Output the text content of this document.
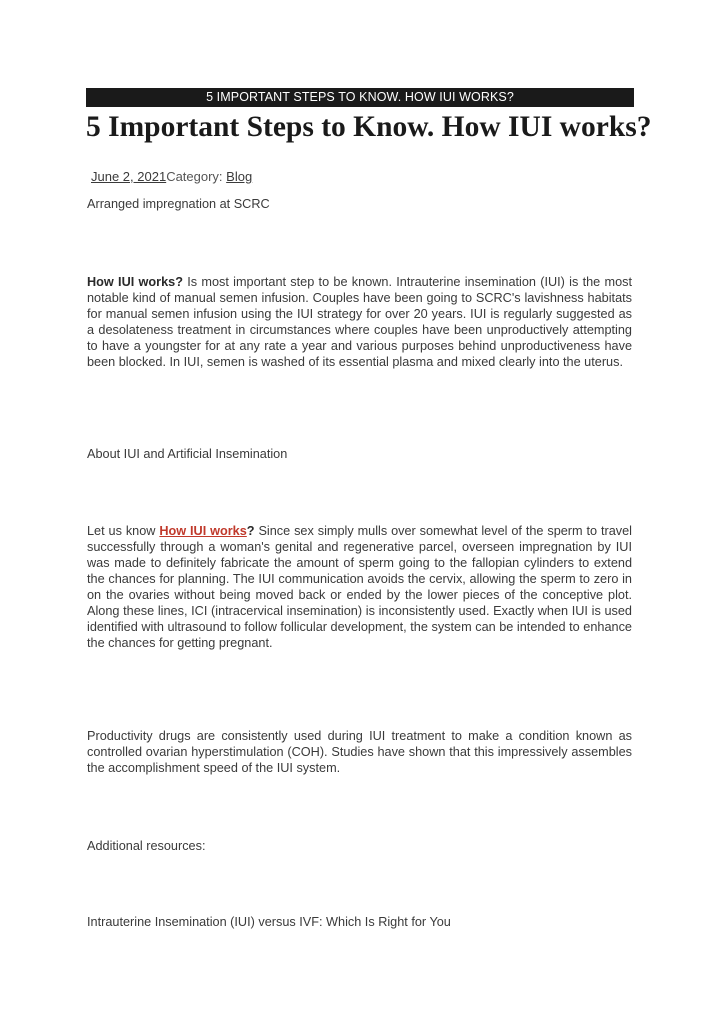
5 IMPORTANT STEPS TO KNOW. HOW IUI WORKS?
5 Important Steps to Know. How IUI works?
June 2, 2021Category: Blog

Arranged impregnation at SCRC

How IUI works? Is most important step to be known. Intrauterine insemination (IUI) is the most notable kind of manual semen infusion. Couples have been going to SCRC's lavishness habitats for manual semen infusion using the IUI strategy for over 20 years. IUI is regularly suggested as a desolateness treatment in circumstances where couples have been unproductively attempting to have a youngster for at any rate a year and various purposes behind unproductiveness have been blocked. In IUI, semen is washed of its essential plasma and mixed clearly into the uterus.

About IUI and Artificial Insemination

Let us know How IUI works? Since sex simply mulls over somewhat level of the sperm to travel successfully through a woman's genital and regenerative parcel, overseen impregnation by IUI was made to definitely fabricate the amount of sperm going to the fallopian cylinders to extend the chances for planning. The IUI communication avoids the cervix, allowing the sperm to zero in on the ovaries without being moved back or ended by the lower pieces of the conceptive plot. Along these lines, ICI (intracervical insemination) is inconsistently used. Exactly when IUI is used identified with ultrasound to follow follicular development, the system can be intended to enhance the chances for getting pregnant.

Productivity drugs are consistently used during IUI treatment to make a condition known as controlled ovarian hyperstimulation (COH). Studies have shown that this impressively assembles the accomplishment speed of the IUI system.

Additional resources:

Intrauterine Insemination (IUI) versus IVF: Which Is Right for You
